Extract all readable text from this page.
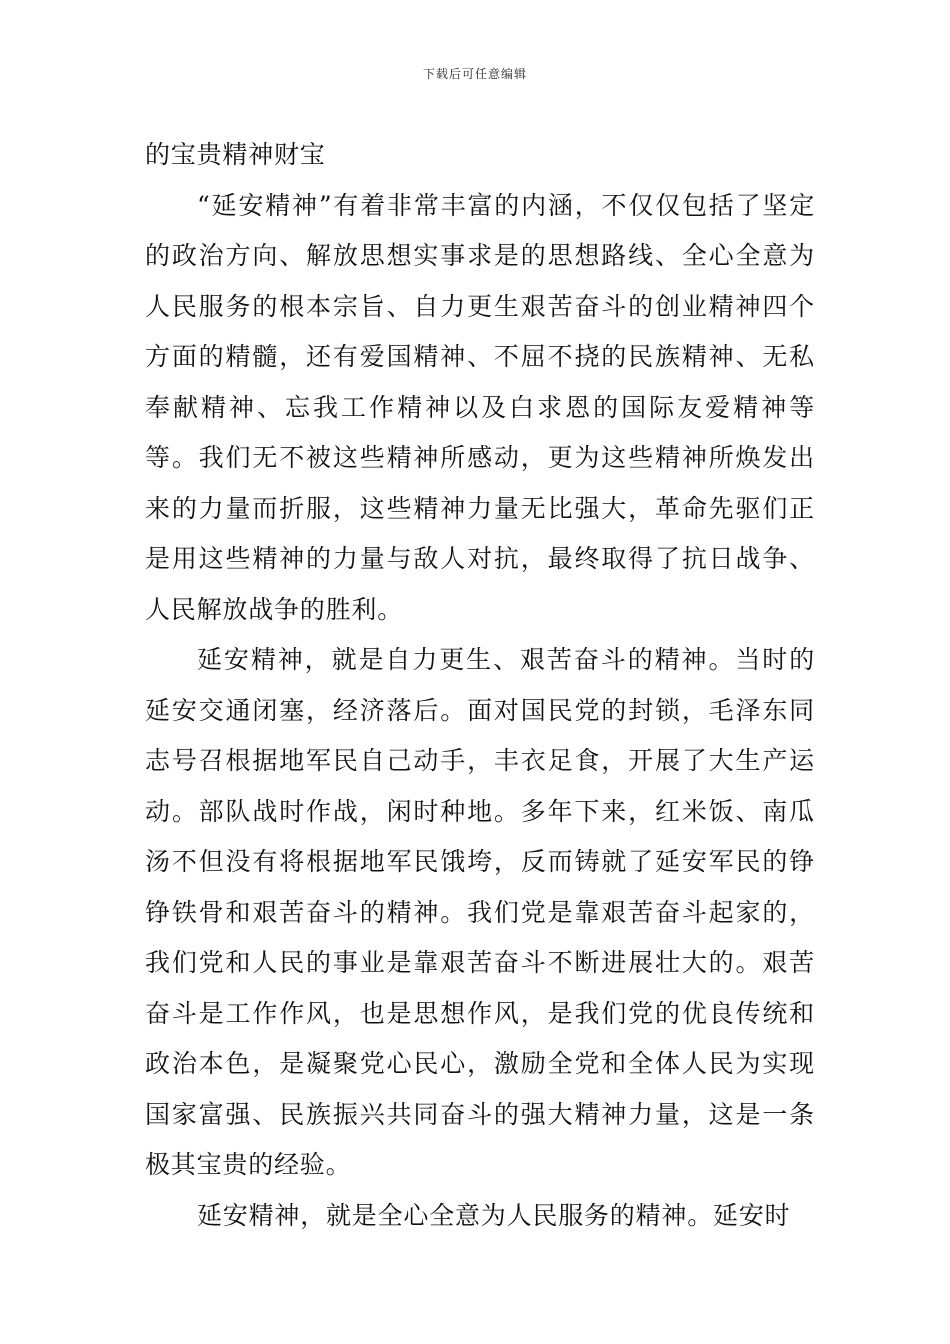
下载后可任意编辑

的宝贵精神财宝

“延安精神”有着非常丰富的内涵，不仅仅包括了坚定的政治方向、解放思想实事求是的思想路线、全心全意为人民服务的根本宗旨、自力更生艰苦奋斗的创业精神四个方面的精髓，还有爱国精神、不屈不挠的民族精神、无私奉献精神、忘我工作精神以及白求恩的国际友爱精神等等。我们无不被这些精神所感动，更为这些精神所焕发出来的力量而折服，这些精神力量无比强大，革命先驱们正是用这些精神的力量与敌人对抗，最终取得了抗日战争、人民解放战争的胜利。

延安精神，就是自力更生、艰苦奋斗的精神。当时的延安交通闭塞，经济落后。面对国民党的封锁，毛泽东同志号召根据地军民自己动手，丰衣足食，开展了大生产运动。部队战时作战，闲时种地。多年下来，红米饭、南瓜汤不但没有将根据地军民饿垮，反而铸就了延安军民的铮铮铁骨和艰苦奋斗的精神。我们党是靠艰苦奋斗起家的，我们党和人民的事业是靠艰苦奋斗不断进展壮大的。艰苦奋斗是工作作风，也是思想作风，是我们党的优良传统和政治本色，是凝聚党心民心，激励全党和全体人民为实现国家富强、民族振兴共同奋斗的强大精神力量，这是一条极其宝贵的经验。

延安精神，就是全心全意为人民服务的精神。延安时
